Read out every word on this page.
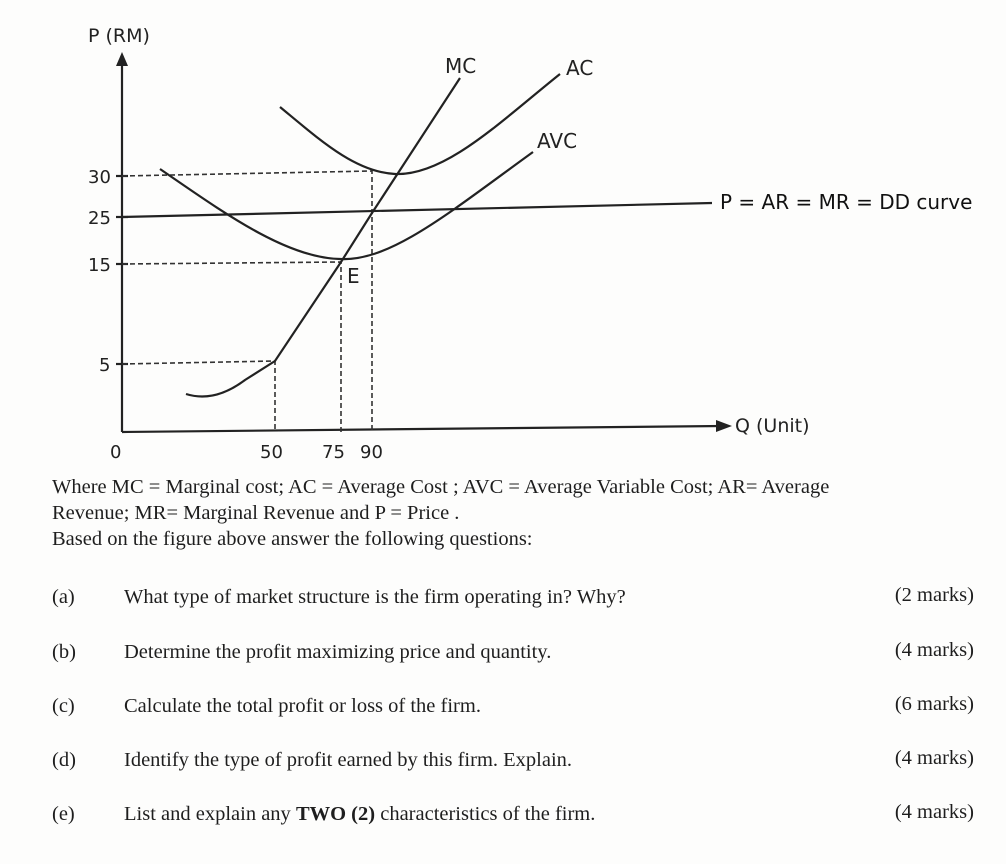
P (RM)
Q (Unit)
0
30
25
15
5
50 75 90
MC	AC
AVC
P = AR = MR = DD curve
E

Where MC = Marginal cost; AC = Average Cost ; AVC = Average Variable Cost; AR= Average

Revenue; MR= Marginal Revenue and P = Price .

Based on the figure above answer the following questions:

(a) What type of market structure is the firm operating in? Why?	(2 marks)
(b) Determine the profit maximizing price and quantity.	(4 marks)
(c) Calculate the total profit or loss of the firm.	(6 marks)
(d) Identify the type of profit earned by this firm. Explain.	(4 marks)
(e) List and explain any TWO (2) characteristics of the firm.	(4 marks)
